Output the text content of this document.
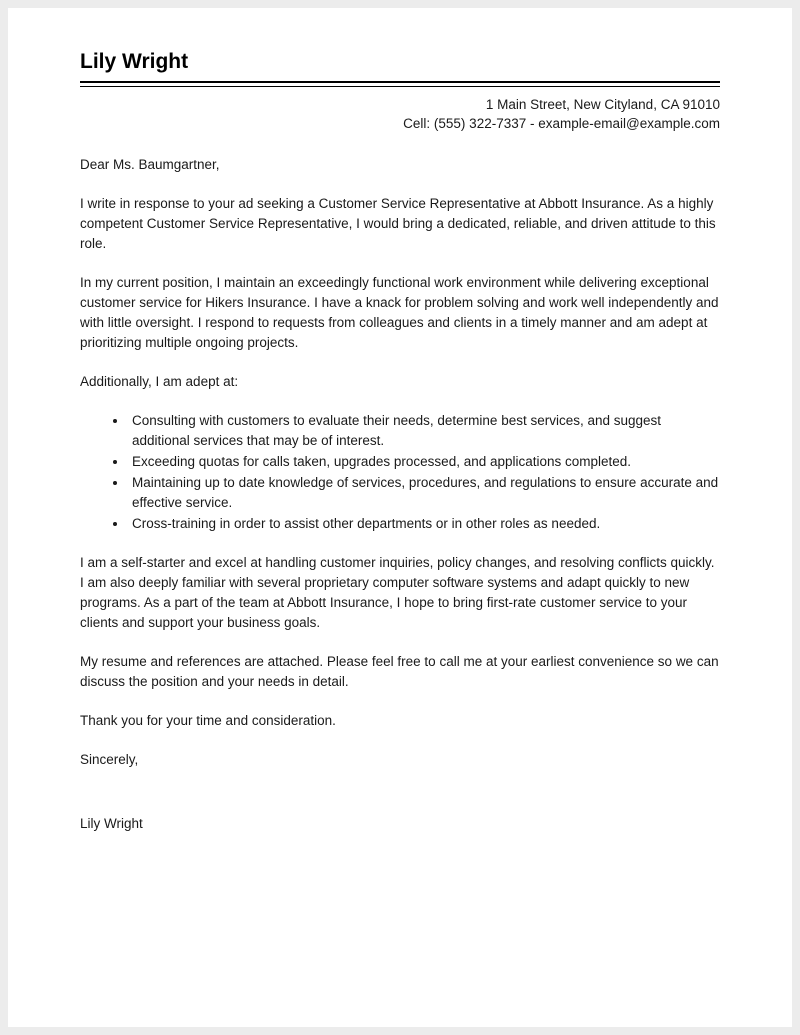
Lily Wright
1 Main Street, New Cityland, CA 91010
Cell: (555) 322-7337 - example-email@example.com

Dear Ms. Baumgartner,

I write in response to your ad seeking a Customer Service Representative at Abbott Insurance. As a highly competent Customer Service Representative, I would bring a dedicated, reliable, and driven attitude to this role.

In my current position, I maintain an exceedingly functional work environment while delivering exceptional customer service for Hikers Insurance. I have a knack for problem solving and work well independently and with little oversight. I respond to requests from colleagues and clients in a timely manner and am adept at prioritizing multiple ongoing projects.

Additionally, I am adept at:

• Consulting with customers to evaluate their needs, determine best services, and suggest additional services that may be of interest.
• Exceeding quotas for calls taken, upgrades processed, and applications completed.
• Maintaining up to date knowledge of services, procedures, and regulations to ensure accurate and effective service.
• Cross-training in order to assist other departments or in other roles as needed.

I am a self-starter and excel at handling customer inquiries, policy changes, and resolving conflicts quickly. I am also deeply familiar with several proprietary computer software systems and adapt quickly to new programs. As a part of the team at Abbott Insurance, I hope to bring first-rate customer service to your clients and support your business goals.

My resume and references are attached. Please feel free to call me at your earliest convenience so we can discuss the position and your needs in detail.

Thank you for your time and consideration.

Sincerely,

Lily Wright
